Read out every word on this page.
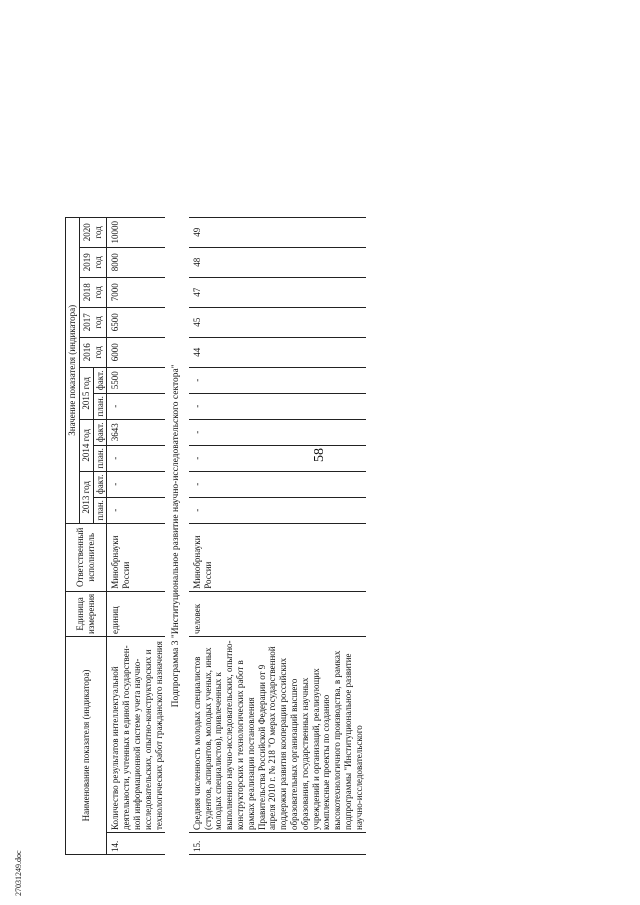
58
27031249.doc
Наименование показателя (индикатора)		Единица измерения	Ответственный исполнитель	Значение показателя (индикатора)										
				2013 год		2014 год		2015 год		2016 год	2017 год	2018 год	2019 год	2020 год
				план.	факт.	план.	факт.	план.	факт.					
14.	Количество результатов интеллектуальной деятельности, учтенных в единой государствен-ной информационной системе учета научно-исследовательских, опытно-конструкторских и технологических работ гражданского назначения	единиц	Минобрнауки России	-	-	-	3643	-	5500	6000	6500	7000	8000	10000
Подпрограмма 3 "Институциональное развитие научно-исследовательского сектора"														
15.	Средняя численность молодых специалистов (студентов, аспирантов, молодых ученых, иных молодых специалистов), привлеченных к выполнению научно-исследовательских, опытно-конструкторских и технологических работ в рамках реализации постановления Правительства Российской Федерации от 9 апреля 2010 г. № 218 "О мерах государственной поддержки развития кооперации российских образовательных организаций высшего образования, государственных научных учреждений и организаций, реализующих комплексные проекты по созданию высокотехнологичного производства, в рамках подпрограммы "Институциональное развитие научно-исследовательского	человек	Минобрнауки России	-	-	-	-	-	-	44	45	47	48	49
